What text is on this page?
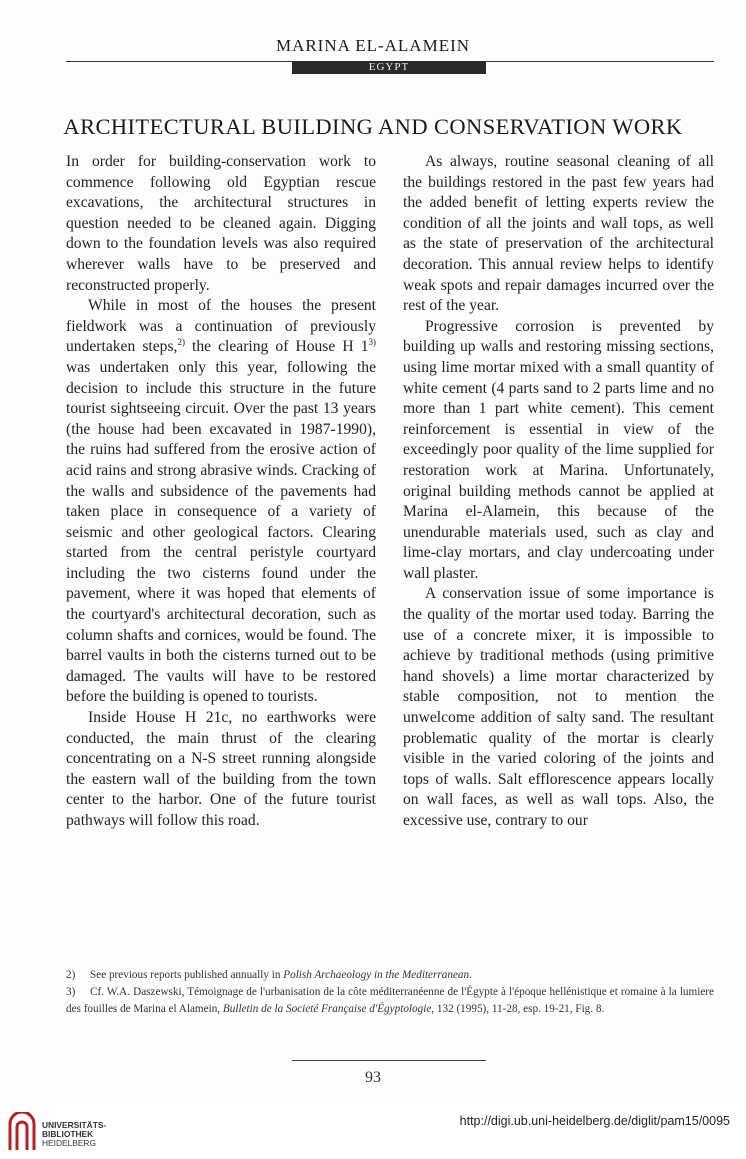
MARINA EL-ALAMEIN
EGYPT
ARCHITECTURAL BUILDING AND CONSERVATION WORK

In order for building-conservation work to commence following old Egyptian rescue excavations, the architectural structures in question needed to be cleaned again. Digging down to the foundation levels was also required wherever walls have to be preserved and reconstructed properly.

While in most of the houses the present fieldwork was a continuation of previously undertaken steps,$^{2)}$ the clearing of House H 1$^{3)}$ was undertaken only this year, following the decision to include this structure in the future tourist sightseeing circuit. Over the past 13 years (the house had been excavated in 1987-1990), the ruins had suffered from the erosive action of acid rains and strong abrasive winds. Cracking of the walls and subsidence of the pavements had taken place in consequence of a variety of seismic and other geological factors. Clearing started from the central peristyle courtyard including the two cisterns found under the pavement, where it was hoped that elements of the courtyard's architectural decoration, such as column shafts and cornices, would be found. The barrel vaults in both the cisterns turned out to be damaged. The vaults will have to be restored before the building is opened to tourists.

Inside House H 21c, no earthworks were conducted, the main thrust of the clearing concentrating on a N-S street running alongside the eastern wall of the building from the town center to the harbor. One of the future tourist pathways will follow this road.

As always, routine seasonal cleaning of all the buildings restored in the past few years had the added benefit of letting experts review the condition of all the joints and wall tops, as well as the state of preservation of the architectural decoration. This annual review helps to identify weak spots and repair damages incurred over the rest of the year.

Progressive corrosion is prevented by building up walls and restoring missing sections, using lime mortar mixed with a small quantity of white cement (4 parts sand to 2 parts lime and no more than 1 part white cement). This cement reinforcement is essential in view of the exceedingly poor quality of the lime supplied for restoration work at Marina. Unfortunately, original building methods cannot be applied at Marina el-Alamein, this because of the unendurable materials used, such as clay and lime-clay mortars, and clay undercoating under wall plaster.

A conservation issue of some importance is the quality of the mortar used today. Barring the use of a concrete mixer, it is impossible to achieve by traditional methods (using primitive hand shovels) a lime mortar characterized by stable composition, not to mention the unwelcome addition of salty sand. The resultant problematic quality of the mortar is clearly visible in the varied coloring of the joints and tops of walls. Salt efflorescence appears locally on wall faces, as well as wall tops. Also, the excessive use, contrary to our

2) See previous reports published annually in Polish Archaeology in the Mediterranean.

3) Cf. W.A. Daszewski, Témoignage de l'urbanisation de la côte méditerranéenne de l'Égypte à l'époque hellénistique et romaine à la lumiere des fouilles de Marina el Alamein, Bulletin de la Societé Française d'Égyptologie, 132 (1995), 11-28, esp. 19-21, Fig. 8.

93
UNIVERSITÄTS-
BIBLIOTHEK
HEIDELBERG
http://digi.ub.uni-heidelberg.de/diglit/pam15/0095
